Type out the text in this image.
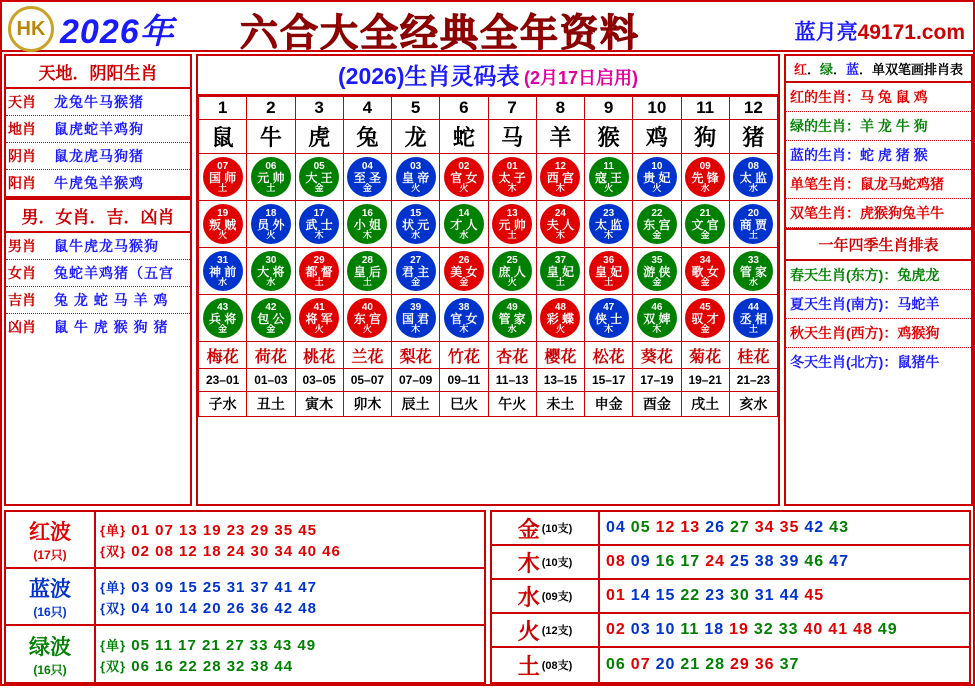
HK 2026年 六合大全经典全年资料	蓝月亮49171.com
天地．阴阳生肖
天肖	龙兔牛马猴猪
地肖	鼠虎蛇羊鸡狗
阴肖	鼠龙虎马狗猪
阳肖	牛虎兔羊猴鸡
男．女肖．吉．凶肖
男肖	鼠牛虎龙马猴狗
女肖	兔蛇羊鸡猪（五宫
吉肖	兔 龙 蛇 马 羊 鸡
凶肖	鼠 牛 虎 猴 狗 猪
(2026)生肖灵码表 (2月17日启用)
1	2	3	4	5	6	7	8	9	10	11	12
鼠	牛	虎	兔	龙	蛇	马	羊	猴	鸡	狗	猪

07
国 师
土	06
元 帅
土	05
大 王
金	04
至 圣
金	03
皇 帝
火	02
官 女
火	01
太 子
木	12
西 宫
木	11
寇 王
火	10
贵 妃
火	09
先 锋
水	08
太 监
水

19
叛 贼
火	18
员 外
火	17
武 士
木	16
小 姐
木	15
状 元
水	14
才 人
水	13
元 帅
土	24
夫 人
木	23
太 监
木	22
东 宫
金	21
文 官
金	20
商 贾
土

31
神 前
水	30
大 将
水	29
都 督
土	28
皇 后
土	27
君 主
金	26
美 女
金	25
庶 人
火	37
皇 妃
土	36
皇 妃
土	35
游 侠
金	34
歌 女
金	33
管 家
水

43
兵 将
金	42
包 公
金	41
将 军
火	40
东 宫
火	39
国 君
木	38
官 女
木	49
管 家
水	48
彩 蝶
火	47
侠 士
木	46
双 婢
木	45
驭 才
金	44
丞 相
土

梅花	荷花	桃花	兰花	梨花	竹花	杏花	樱花	松花	葵花	菊花	桂花
23–01	01–03	03–05	05–07	07–09	09–11	11–13	13–15	15–17	17–19	19–21	21–23
子水	丑土	寅木	卯木	辰土	巳火	午火	未土	申金	酉金	戌土	亥水
红．绿．蓝．单双笔画排肖表
红的生肖：马 兔 鼠 鸡
绿的生肖：羊 龙 牛 狗
蓝的生肖：蛇 虎 猪 猴
单笔生肖：鼠龙马蛇鸡猪
双笔生肖：虎猴狗兔羊牛
一年四季生肖排表
春天生肖(东方)：兔虎龙
夏天生肖(南方)：马蛇羊
秋天生肖(西方)：鸡猴狗
冬天生肖(北方)：鼠猪牛
红波
(17只)
{单} 01 07 13 19 23 29 35 45
{双} 02 08 12 18 24 30 34 40 46
蓝波
(16只)
{单} 03 09 15 25 31 37 41 47
{双} 04 10 14 20 26 36 42 48
绿波
(16只)
{单} 05 11 17 21 27 33 43 49
{双} 06 16 22 28 32 38 44
金 (10支)	04 05 12 13 26 27 34 35 42 43
木 (10支)	08 09 16 17 24 25 38 39 46 47
水 (09支)	01 14 15 22 23 30 31 44 45
火 (12支)	02 03 10 11 18 19 32 33 40 41 48 49
土 (08支)	06 07 20 21 28 29 36 37
